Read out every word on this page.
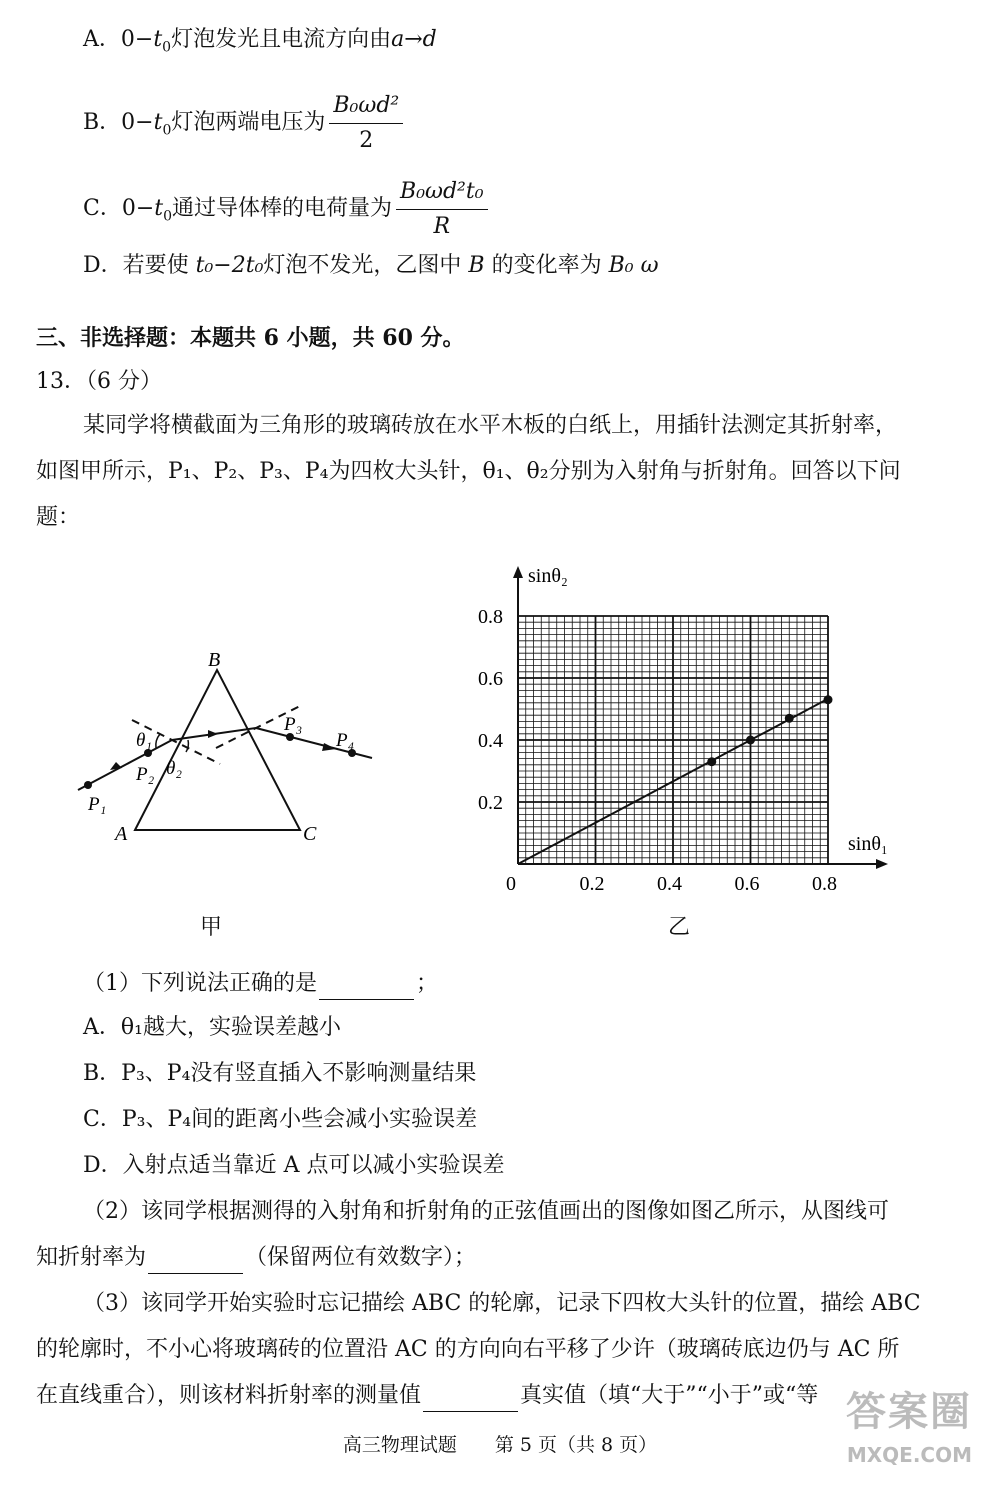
A．$0-t_0$灯泡发光且电流方向由a→d
B．$0-t_0$灯泡两端电压为 $\frac{\text{B₀ωd²}}{2}$
C．$0-t_0$通过导体棒的电荷量为 $\frac{\text{B₀ωd²t₀}}{R}$
D．若要使 t₀−2t₀灯泡不发光，乙图中 B 的变化率为 B₀ ω
三、非选择题：本题共 6 小题，共 60 分。
13．（6 分）
某同学将横截面为三角形的玻璃砖放在水平木板的白纸上，用插针法测定其折射率，
如图甲所示，P₁、P₂、P₃、P₄为四枚大头针，θ₁、θ₂分别为入射角与折射角。回答以下问
题：
A
B
C
P₁
P₂
P₃
P₄
θ₁
θ₂
甲
0.2
0.2
0.4
0.4
0.6
0.6
0.8
0.8
0
sinθ₁
sinθ₂
乙
（1）下列说法正确的是	；
A．θ₁越大，实验误差越小
B．P₃、P₄没有竖直插入不影响测量结果
C．P₃、P₄间的距离小些会减小实验误差
D．入射点适当靠近 A 点可以减小实验误差
（2）该同学根据测得的入射角和折射角的正弦值画出的图像如图乙所示，从图线可
知折射率为	（保留两位有效数字）；
（3）该同学开始实验时忘记描绘 ABC 的轮廓，记录下四枚大头针的位置，描绘 ABC
的轮廓时，不小心将玻璃砖的位置沿 AC 的方向向右平移了少许（玻璃砖底边仍与 AC 所
在直线重合），则该材料折射率的测量值	真实值（填“大于”“小于”或“等
高三物理试题　　第 5 页（共 8 页）
答案圈
MXQE.COM
